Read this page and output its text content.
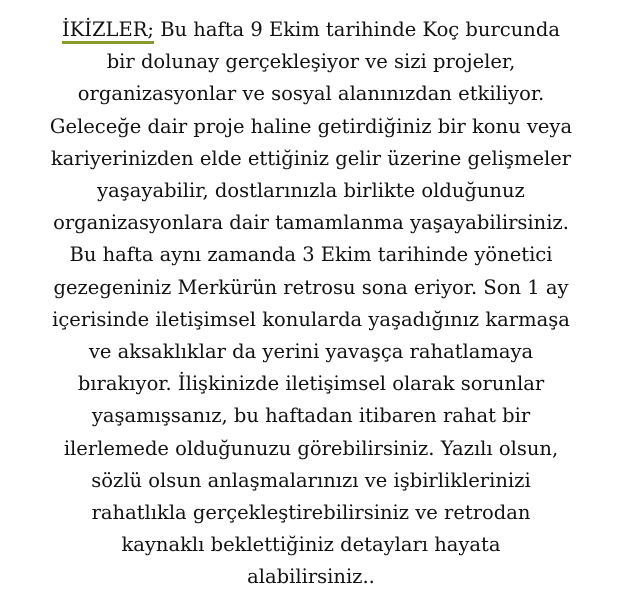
İKİZLER; Bu hafta 9 Ekim tarihinde Koç burcunda
bir dolunay gerçekleşiyor ve sizi projeler,
organizasyonlar ve sosyal alanınızdan etkiliyor.
Geleceğe dair proje haline getirdiğiniz bir konu veya
kariyerinizden elde ettiğiniz gelir üzerine gelişmeler
yaşayabilir, dostlarınızla birlikte olduğunuz
organizasyonlara dair tamamlanma yaşayabilirsiniz.
Bu hafta aynı zamanda 3 Ekim tarihinde yönetici
gezegeniniz Merkürün retrosu sona eriyor. Son 1 ay
içerisinde iletişimsel konularda yaşadığınız karmaşa
ve aksaklıklar da yerini yavaşça rahatlamaya
bırakıyor. İlişkinizde iletişimsel olarak sorunlar
yaşamışsanız, bu haftadan itibaren rahat bir
ilerlemede olduğunuzu görebilirsiniz. Yazılı olsun,
sözlü olsun anlaşmalarınızı ve işbirliklerinizi
rahatlıkla gerçekleştirebilirsiniz ve retrodan
kaynaklı beklettiğiniz detayları hayata
alabilirsiniz..
